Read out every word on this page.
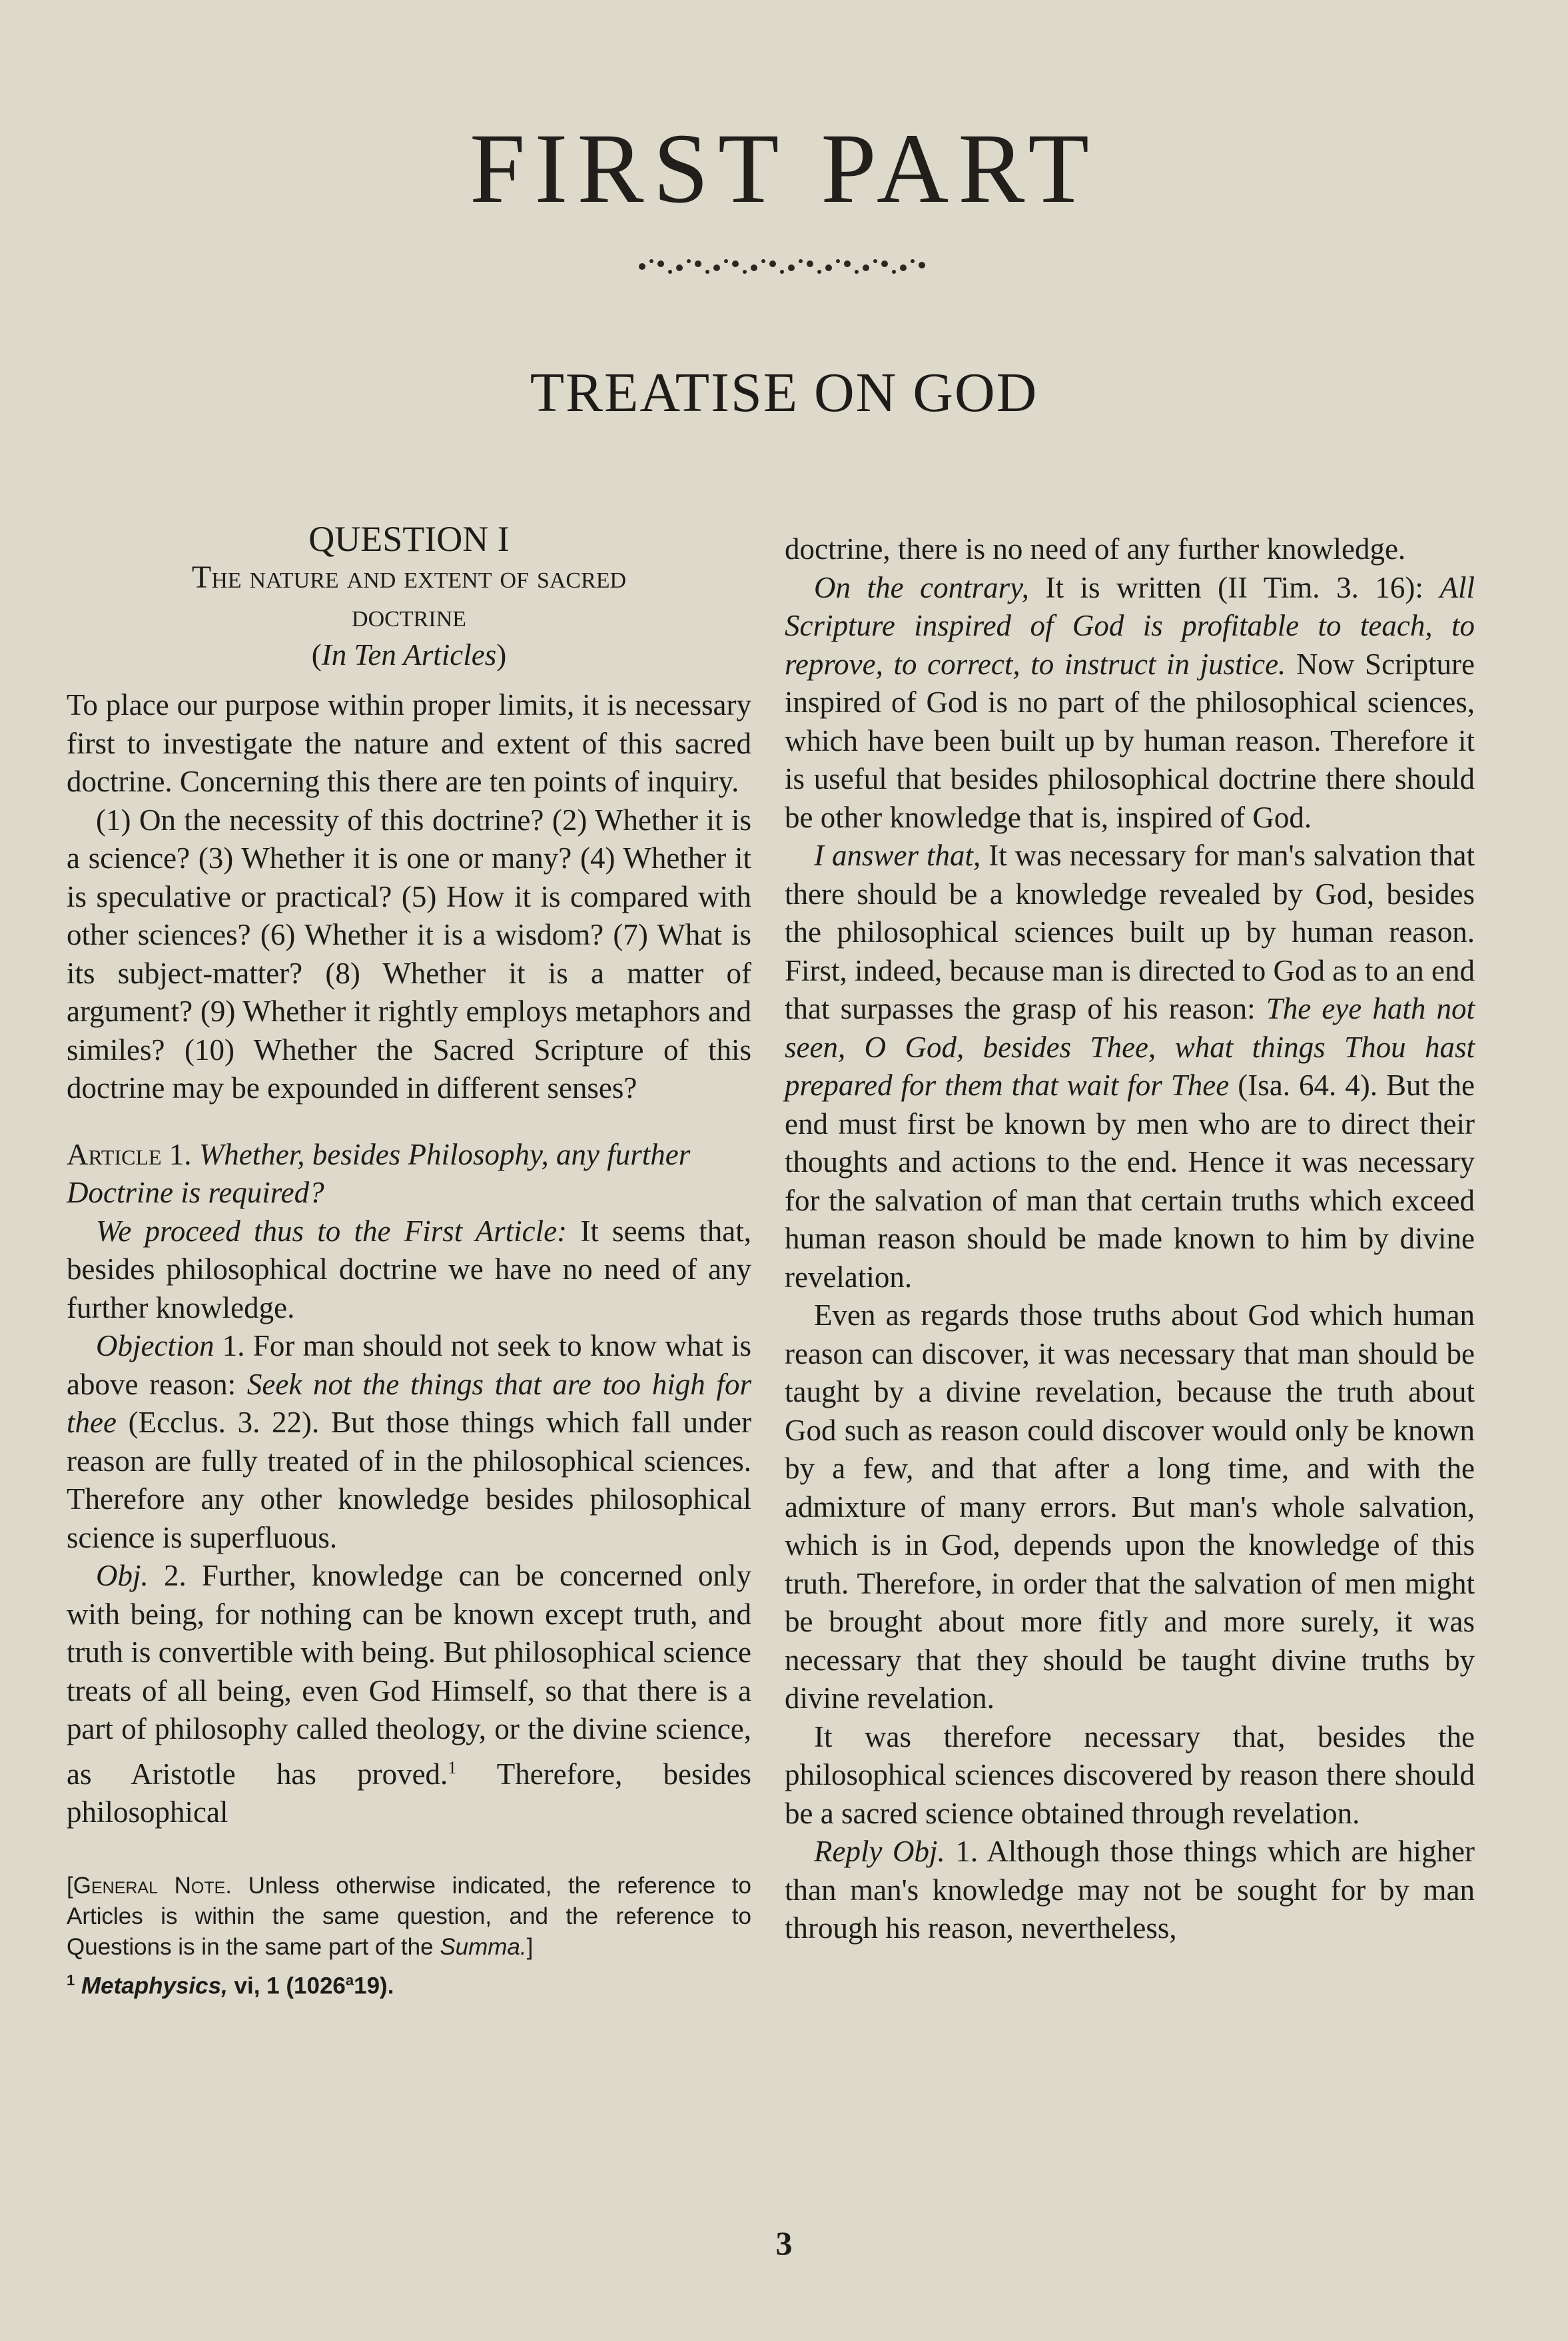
FIRST PART
TREATISE ON GOD
QUESTION I
The nature and extent of sacred
doctrine
(In Ten Articles)

To place our purpose within proper limits, it is necessary first to investigate the nature and extent of this sacred doctrine. Concerning this there are ten points of inquiry.

(1) On the necessity of this doctrine? (2) Whether it is a science? (3) Whether it is one or many? (4) Whether it is speculative or practical? (5) How it is compared with other sciences? (6) Whether it is a wisdom? (7) What is its subject-matter? (8) Whether it is a matter of argument? (9) Whether it rightly employs metaphors and similes? (10) Whether the Sacred Scripture of this doctrine may be expounded in different senses?

Article 1. Whether, besides Philosophy, any further Doctrine is required?

We proceed thus to the First Article: It seems that, besides philosophical doctrine we have no need of any further knowledge.

Objection 1. For man should not seek to know what is above reason: Seek not the things that are too high for thee (Ecclus. 3. 22). But those things which fall under reason are fully treated of in the philosophical sciences. Therefore any other knowledge besides philosophical science is superfluous.

Obj. 2. Further, knowledge can be concerned only with being, for nothing can be known except truth, and truth is convertible with being. But philosophical science treats of all being, even God Himself, so that there is a part of philosophy called theology, or the divine science, as Aristotle has proved.$^1$ Therefore, besides philosophical

[General Note. Unless otherwise indicated, the reference to Articles is within the same question, and the reference to Questions is in the same part of the Summa.]
$^1$ Metaphysics, vi, 1 (1026$^a$19).

doctrine, there is no need of any further knowledge.

On the contrary, It is written (II Tim. 3. 16): All Scripture inspired of God is profitable to teach, to reprove, to correct, to instruct in justice. Now Scripture inspired of God is no part of the philosophical sciences, which have been built up by human reason. Therefore it is useful that besides philosophical doctrine there should be other knowledge that is, inspired of God.

I answer that, It was necessary for man's salvation that there should be a knowledge revealed by God, besides the philosophical sciences built up by human reason. First, indeed, because man is directed to God as to an end that surpasses the grasp of his reason: The eye hath not seen, O God, besides Thee, what things Thou hast prepared for them that wait for Thee (Isa. 64. 4). But the end must first be known by men who are to direct their thoughts and actions to the end. Hence it was necessary for the salvation of man that certain truths which exceed human reason should be made known to him by divine revelation.

Even as regards those truths about God which human reason can discover, it was necessary that man should be taught by a divine revelation, because the truth about God such as reason could discover would only be known by a few, and that after a long time, and with the admixture of many errors. But man's whole salvation, which is in God, depends upon the knowledge of this truth. Therefore, in order that the salvation of men might be brought about more fitly and more surely, it was necessary that they should be taught divine truths by divine revelation.

It was therefore necessary that, besides the philosophical sciences discovered by reason there should be a sacred science obtained through revelation.

Reply Obj. 1. Although those things which are higher than man's knowledge may not be sought for by man through his reason, nevertheless,

3
